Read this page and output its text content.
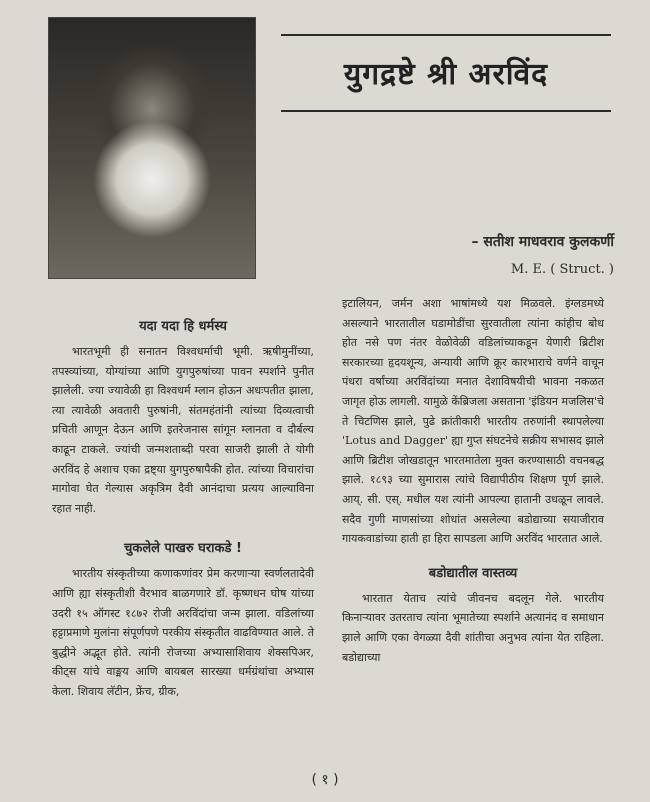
युगद्रष्टे श्री अरविंद
– सतीश माधवराव कुलकर्णी
M. E. ( Struct. )
यदा यदा हि धर्मस्य

भारतभूमी ही सनातन विश्वधर्माची भूमी. ऋषीमुनींच्या, तपस्व्यांच्या, योग्यांच्या आणि युगपुरुषांच्या पावन स्पर्शाने पुनीत झालेली. ज्या ज्यावेळी हा विश्वधर्म म्लान होऊन अधःपतीत झाला, त्या त्यावेळी अवतारी पुरुषांनी, संतमहंतांनी त्यांच्या दिव्यत्वाची प्रचिती आणून देऊन आणि इतरेजनास सांगून म्लानता व दौर्बल्य काढून टाकले. ज्यांची जन्मशताब्दी परवा साजरी झाली ते योगी अरविंद हे अशाच एका द्रष्ट्या युगपुरुषापैकी होत. त्यांच्या विचारांचा मागोवा घेत गेल्यास अकृत्रिम दैवी आनंदाचा प्रत्यय आल्याविना रहात नाही.

चुकलेले पाखरु घराकडे !

भारतीय संस्कृतीच्या कणाकणांवर प्रेम करणाऱ्या स्वर्णलतादेवी आणि ह्या संस्कृतीशी वैरभाव बाळगणारे डॉ. कृष्णधन घोष यांच्या उदरी १५ ऑगस्ट १८७२ रोजी अरविंदांचा जन्म झाला. वडिलांच्या हट्टाप्रमाणे मुलांना संपूर्णपणे परकीय संस्कृतीत वाढविण्यात आले. ते बुद्धीने अद्भूत होते. त्यांनी रोजच्या अभ्यासाशिवाय शेक्सपिअर, कीट्स यांचे वाङ्मय आणि बायबल सारख्या धर्मग्रंथांचा अभ्यास केला. शिवाय लॅटीन, फ्रेंच, ग्रीक,

इटालियन, जर्मन अशा भाषांमध्ये यश मिळवले. इंग्लडमध्ये असल्याने भारतातील घडामोडींचा सुरवातीला त्यांना कांहीच बोध होत नसे पण नंतर वेळोवेळी वडिलांच्याकडून येणारी ब्रिटीश सरकारच्या हृदयशून्य, अन्यायी आणि क्रूर कारभाराचे वर्णने वाचून पंधरा वर्षांच्या अरविंदांच्या मनात देशाविषयीची भावना नकळत जागृत होऊ लागली. यामुळे केंब्रिजला असताना 'इंडियन मजलिस'चे ते चिटणिस झाले, पुढे क्रांतीकारी भारतीय तरुणांनी स्थापलेल्या 'Lotus and Dagger' ह्या गुप्त संघटनेचे सक्रीय सभासद झाले आणि ब्रिटीश जोखडातून भारतमातेला मुक्त करण्यासाठी वचनबद्ध झाले. १८९३ च्या सुमारास त्यांचे विद्यापीठीय शिक्षण पूर्ण झाले. आय्. सी. एस्. मधील यश त्यांनी आपल्या हातानी उधळून लावले. सदैव गुणी माणसांच्या शोधांत असलेल्या बडोद्याच्या सयाजीराव गायकवाडांच्या हाती हा हिरा सापडला आणि अरविंद भारतात आले.

बडोद्यातील वास्तव्य

भारतात येताच त्यांचे जीवनच बदलून गेले. भारतीय किनाऱ्यावर उतरताच त्यांना भूमातेच्या स्पर्शाने अत्यानंद व समाधान झाले आणि एका वेगळ्या दैवी शांतीचा अनुभव त्यांना येत राहिला. बडोद्याच्या

( १ )
